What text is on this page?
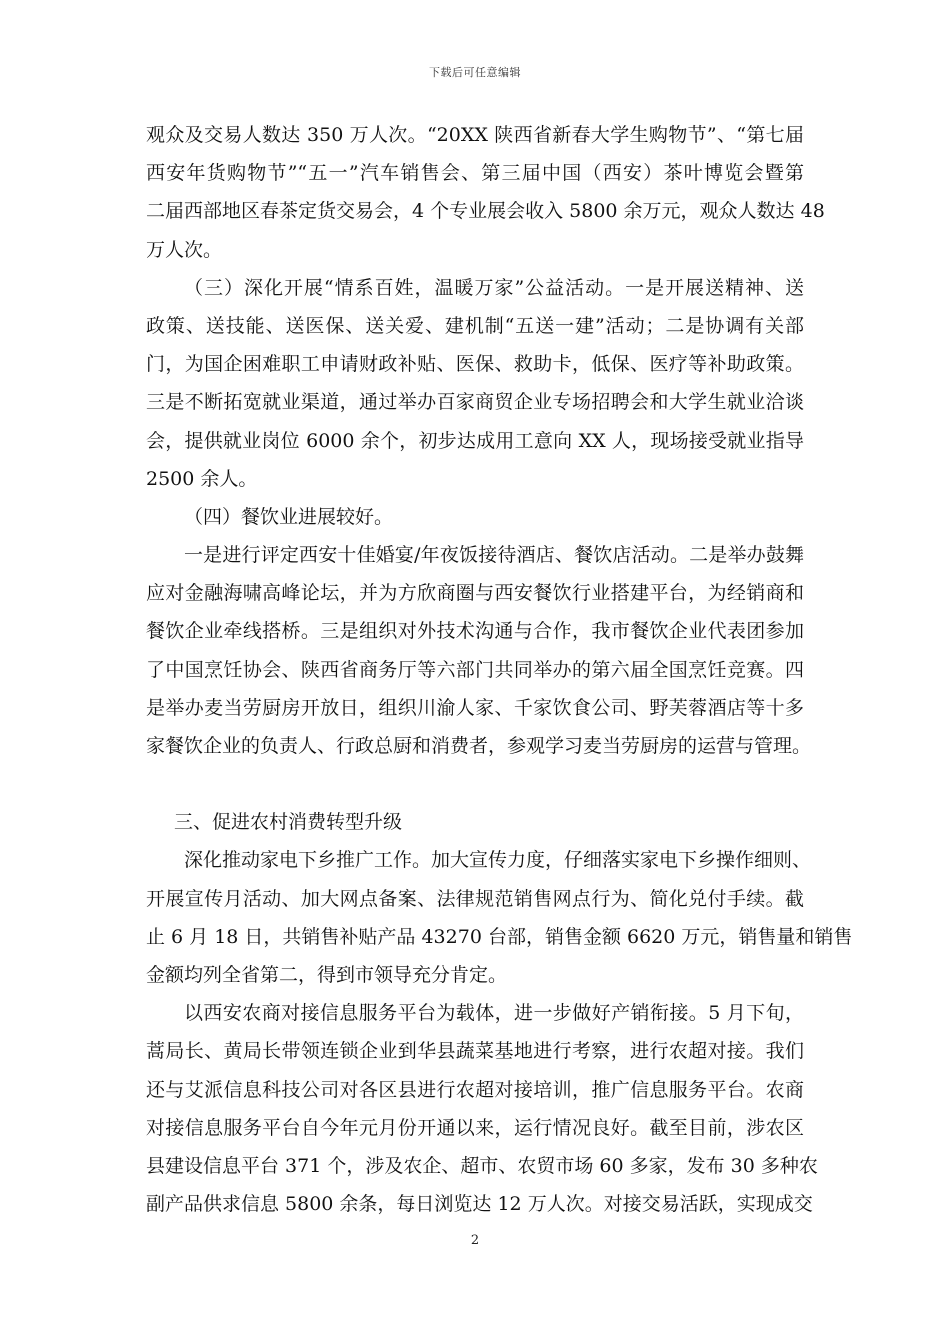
下载后可任意编辑
观众及交易人数达 350 万人次。“20XX 陕西省新春大学生购物节”、“第七届
西安年货购物节”“五一”汽车销售会、第三届中国（西安）茶叶博览会暨第
二届西部地区春茶定货交易会，4 个专业展会收入 5800 余万元，观众人数达 48
万人次。
（三）深化开展“情系百姓，温暖万家”公益活动。一是开展送精神、送
政策、送技能、送医保、送关爱、建机制“五送一建”活动；二是协调有关部
门，为国企困难职工申请财政补贴、医保、救助卡，低保、医疗等补助政策。
三是不断拓宽就业渠道，通过举办百家商贸企业专场招聘会和大学生就业洽谈
会，提供就业岗位 6000 余个，初步达成用工意向 XX 人，现场接受就业指导
2500 余人。
（四）餐饮业进展较好。
一是进行评定西安十佳婚宴/年夜饭接待酒店、餐饮店活动。二是举办鼓舞
应对金融海啸高峰论坛，并为方欣商圈与西安餐饮行业搭建平台，为经销商和
餐饮企业牵线搭桥。三是组织对外技术沟通与合作，我市餐饮企业代表团参加
了中国烹饪协会、陕西省商务厅等六部门共同举办的第六届全国烹饪竞赛。四
是举办麦当劳厨房开放日，组织川渝人家、千家饮食公司、野芙蓉酒店等十多
家餐饮企业的负责人、行政总厨和消费者，参观学习麦当劳厨房的运营与管理。
三、促进农村消费转型升级
深化推动家电下乡推广工作。加大宣传力度，仔细落实家电下乡操作细则、
开展宣传月活动、加大网点备案、法律规范销售网点行为、简化兑付手续。截
止 6 月 18 日，共销售补贴产品 43270 台部，销售金额 6620 万元，销售量和销售
金额均列全省第二，得到市领导充分肯定。
以西安农商对接信息服务平台为载体，进一步做好产销衔接。5 月下旬，
蒿局长、黄局长带领连锁企业到华县蔬菜基地进行考察，进行农超对接。我们
还与艾派信息科技公司对各区县进行农超对接培训，推广信息服务平台。农商
对接信息服务平台自今年元月份开通以来，运行情况良好。截至目前，涉农区
县建设信息平台 371 个，涉及农企、超市、农贸市场 60 多家，发布 30 多种农
副产品供求信息 5800 余条，每日浏览达 12 万人次。对接交易活跃，实现成交
2
